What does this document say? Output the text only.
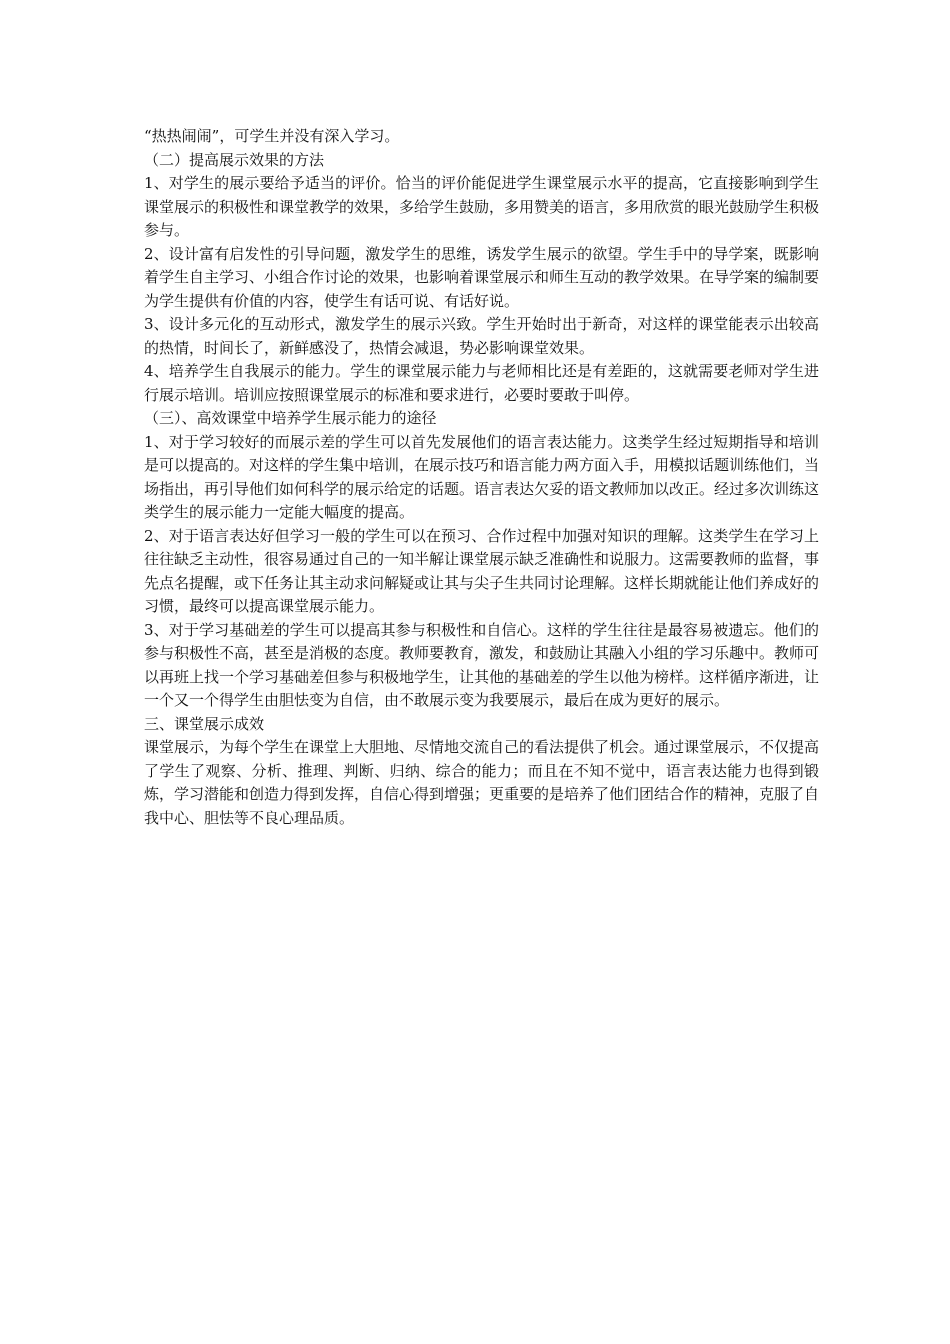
“热热闹闹”，可学生并没有深入学习。

（二）提高展示效果的方法

1、对学生的展示要给予适当的评价。恰当的评价能促进学生课堂展示水平的提高，它直接影响到学生课堂展示的积极性和课堂教学的效果，多给学生鼓励，多用赞美的语言，多用欣赏的眼光鼓励学生积极参与。

2、设计富有启发性的引导问题，激发学生的思维，诱发学生展示的欲望。学生手中的导学案，既影响着学生自主学习、小组合作讨论的效果，也影响着课堂展示和师生互动的教学效果。在导学案的编制要为学生提供有价值的内容，使学生有话可说、有话好说。

3、设计多元化的互动形式，激发学生的展示兴致。学生开始时出于新奇，对这样的课堂能表示出较高的热情，时间长了，新鲜感没了，热情会减退，势必影响课堂效果。

4、培养学生自我展示的能力。学生的课堂展示能力与老师相比还是有差距的，这就需要老师对学生进行展示培训。培训应按照课堂展示的标准和要求进行，必要时要敢于叫停。

（三）、高效课堂中培养学生展示能力的途径

1、对于学习较好的而展示差的学生可以首先发展他们的语言表达能力。这类学生经过短期指导和培训是可以提高的。对这样的学生集中培训，在展示技巧和语言能力两方面入手，用模拟话题训练他们，当场指出，再引导他们如何科学的展示给定的话题。语言表达欠妥的语文教师加以改正。经过多次训练这类学生的展示能力一定能大幅度的提高。

2、对于语言表达好但学习一般的学生可以在预习、合作过程中加强对知识的理解。这类学生在学习上往往缺乏主动性，很容易通过自己的一知半解让课堂展示缺乏准确性和说服力。这需要教师的监督，事先点名提醒，或下任务让其主动求问解疑或让其与尖子生共同讨论理解。这样长期就能让他们养成好的习惯，最终可以提高课堂展示能力。

3、对于学习基础差的学生可以提高其参与积极性和自信心。这样的学生往往是最容易被遗忘。他们的参与积极性不高，甚至是消极的态度。教师要教育，激发，和鼓励让其融入小组的学习乐趣中。教师可以再班上找一个学习基础差但参与积极地学生，让其他的基础差的学生以他为榜样。这样循序渐进，让一个又一个得学生由胆怯变为自信，由不敢展示变为我要展示，最后在成为更好的展示。

三、课堂展示成效

课堂展示，为每个学生在课堂上大胆地、尽情地交流自己的看法提供了机会。通过课堂展示，不仅提高了学生了观察、分析、推理、判断、归纳、综合的能力；而且在不知不觉中，语言表达能力也得到锻炼，学习潜能和创造力得到发挥，自信心得到增强；更重要的是培养了他们团结合作的精神，克服了自我中心、胆怯等不良心理品质。
